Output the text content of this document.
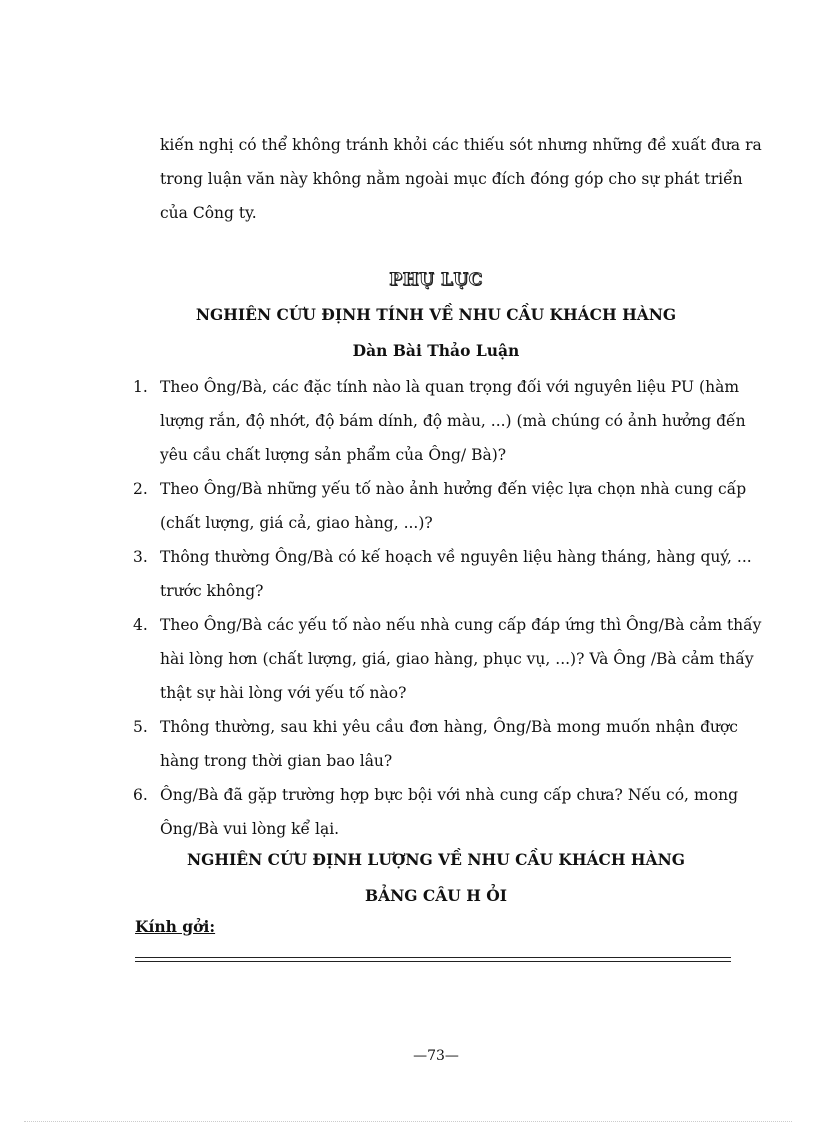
kiến nghị có thể không tránh khỏi các thiếu sót nhưng những đề xuất đưa ra
trong luận văn này không nằm ngoài mục đích đóng góp cho sự phát triển
của Công ty.
PHỤ LỤC
NGHIÊN CỨU ĐỊNH TÍNH VỀ NHU CẦU KHÁCH HÀNG
Dàn Bài Thảo Luận
1. Theo Ông/Bà, các đặc tính nào là quan trọng đối với nguyên liệu PU (hàm
lượng rắn, độ nhớt, độ bám dính, độ màu, ...) (mà chúng có ảnh hưởng đến
yêu cầu chất lượng sản phẩm của Ông/ Bà)?
2. Theo Ông/Bà những yếu tố nào ảnh hưởng đến việc lựa chọn nhà cung cấp
(chất lượng, giá cả, giao hàng, ...)?
3. Thông thường Ông/Bà có kế hoạch về nguyên liệu hàng tháng, hàng quý, ...
trước không?
4. Theo Ông/Bà các yếu tố nào nếu nhà cung cấp đáp ứng thì Ông/Bà cảm thấy
hài lòng hơn (chất lượng, giá, giao hàng, phục vụ, ...)? Và Ông /Bà cảm thấy
thật sự hài lòng với yếu tố nào?
5. Thông thường, sau khi yêu cầu đơn hàng, Ông/Bà mong muốn nhận được
hàng trong thời gian bao lâu?
6. Ông/Bà đã gặp trường hợp bực bội với nhà cung cấp chưa? Nếu có, mong
Ông/Bà vui lòng kể lại.
NGHIÊN CỨU ĐỊNH LƯỢNG VỀ NHU CẦU KHÁCH HÀNG
BẢNG CÂU H ỎI
Kính gởi:
—73—
